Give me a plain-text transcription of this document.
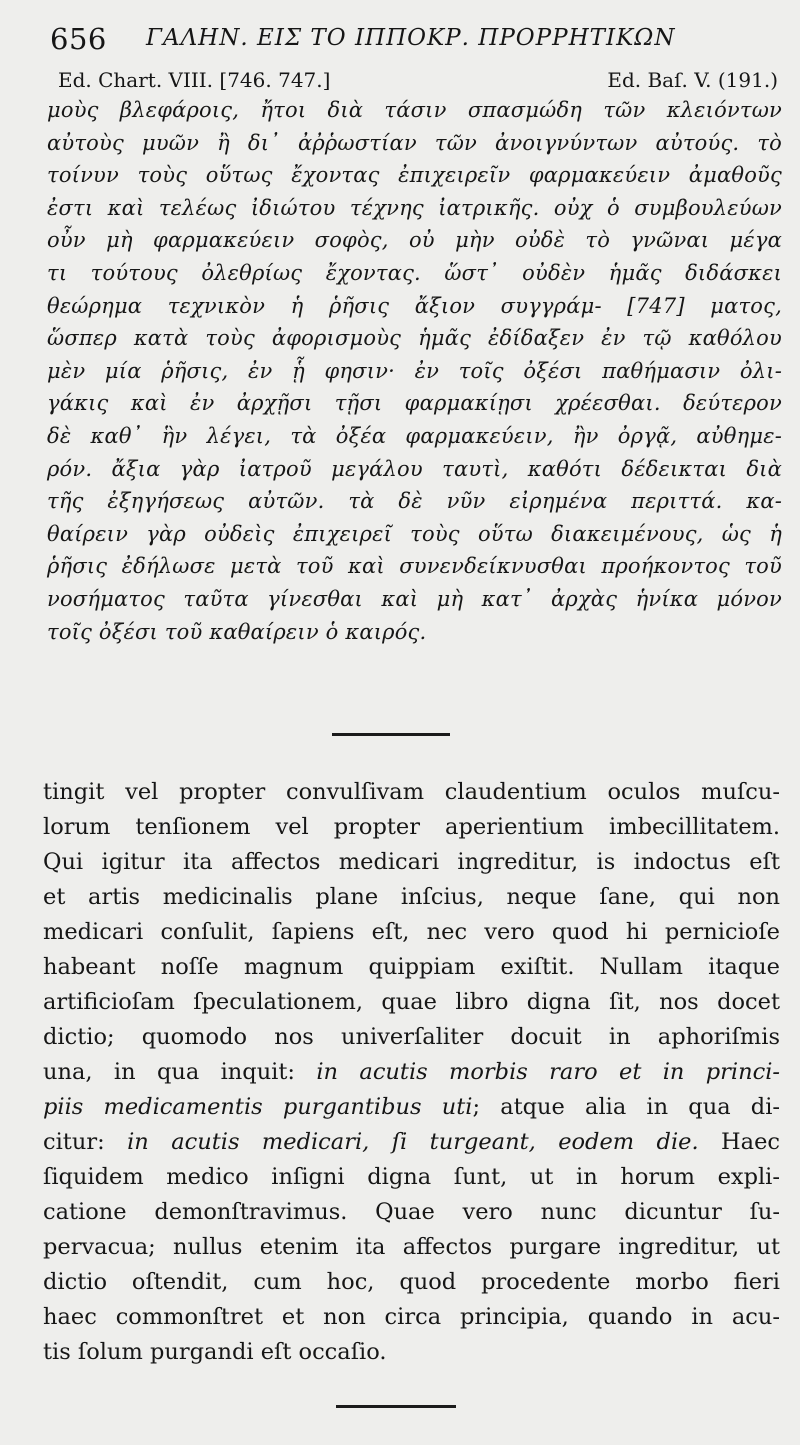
656 ΓΑΛΗΝ. ΕΙΣ ΤΟ ΙΠΠΟΚΡ. ΠΡΟΡΡΗΤΙΚΩΝ
Ed. Chart. VIII. [746. 747.]	Ed. Baſ. V. (191.)
μοὺς βλεφάροις, ἤτοι διὰ τάσιν σπασμώδη τῶν κλειόντων
αὐτοὺς μυῶν ἢ δι᾽ ἀῤῥωστίαν τῶν ἀνοιγνύντων αὐτούς. τὸ
τοίνυν τοὺς οὕτως ἔχοντας ἐπιχειρεῖν φαρμακεύειν ἀμαθοῦς
ἐστι καὶ τελέως ἰδιώτου τέχνης ἰατρικῆς. οὐχ ὁ συμβουλεύων
οὖν μὴ φαρμακεύειν σοφὸς, οὐ μὴν οὐδὲ τὸ γνῶναι μέγα
τι τούτους ὀλεθρίως ἔχοντας. ὥστ᾽ οὐδὲν ἡμᾶς διδάσκει
θεώρημα τεχνικὸν ἡ ῥῆσις ἄξιον συγγράμ- [747] ματος,
ὥσπερ κατὰ τοὺς ἀφορισμοὺς ἡμᾶς ἐδίδαξεν ἐν τῷ καθόλου
μὲν μία ῥῆσις, ἐν ᾗ φησιν· ἐν τοῖς ὀξέσι παθήμασιν ὀλι-
γάκις καὶ ἐν ἀρχῇσι τῇσι φαρμακίῃσι χρέεσθαι. δεύτερον
δὲ καθ᾽ ἣν λέγει, τὰ ὀξέα φαρμακεύειν, ἢν ὀργᾷ, αὐθημε-
ρόν. ἄξια γὰρ ἰατροῦ μεγάλου ταυτὶ, καθότι δέδεικται διὰ
τῆς ἐξηγήσεως αὐτῶν. τὰ δὲ νῦν εἰρημένα περιττά. κα-
θαίρειν γὰρ οὐδεὶς ἐπιχειρεῖ τοὺς οὕτω διακειμένους, ὡς ἡ
ῥῆσις ἐδήλωσε μετὰ τοῦ καὶ συνενδείκνυσθαι προήκοντος τοῦ
νοσήματος ταῦτα γίνεσθαι καὶ μὴ κατ᾽ ἀρχὰς ἡνίκα μόνον
τοῖς ὀξέσι τοῦ καθαίρειν ὁ καιρός.
tingit vel propter convulſivam claudentium oculos muſcu-
lorum tenſionem vel propter aperientium imbecillitatem.
Qui igitur ita affectos medicari ingreditur, is indoctus eſt
et artis medicinalis plane inſcius, neque ſane, qui non
medicari conſulit, ſapiens eſt, nec vero quod hi pernicioſe
habeant noſſe magnum quippiam exiſtit. Nullam itaque
artificioſam ſpeculationem, quae libro digna ſit, nos docet
dictio; quomodo nos univerſaliter docuit in aphoriſmis
una, in qua inquit: in acutis morbis raro et in princi-
piis medicamentis purgantibus uti; atque alia in qua di-
citur: in acutis medicari, ſi turgeant, eodem die. Haec
ſiquidem medico inſigni digna ſunt, ut in horum expli-
catione demonſtravimus. Quae vero nunc dicuntur ſu-
pervacua; nullus etenim ita affectos purgare ingreditur, ut
dictio oſtendit, cum hoc, quod procedente morbo fieri
haec commonſtret et non circa principia, quando in acu-
tis ſolum purgandi eſt occaſio.
